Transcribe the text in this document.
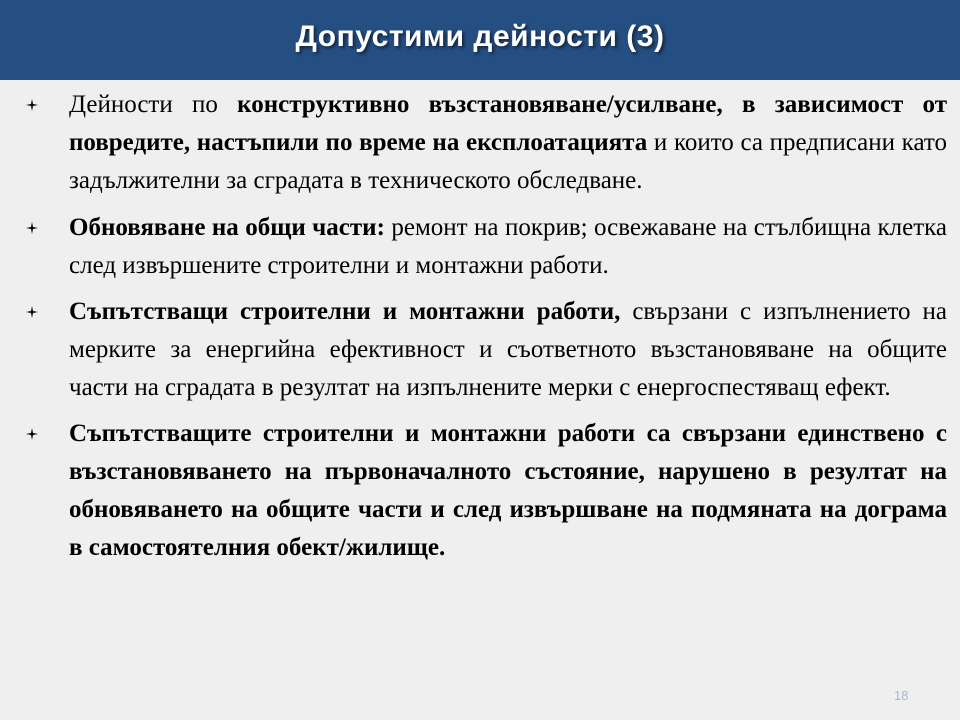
Допустими дейности (3)
Дейности по конструктивно възстановяване/усилване, в зависимост от повредите, настъпили по време на експлоатацията и които са предписани като задължителни за сградата в техническото обследване.
Обновяване на общи части: ремонт на покрив; освежаване на стълбищна клетка след извършените строителни и монтажни работи.
Съпътстващи строителни и монтажни работи, свързани с изпълнението на мерките за енергийна ефективност и съответното възстановяване на общите части на сградата в резултат на изпълнените мерки с енергоспестяващ ефект.
Съпътстващите строителни и монтажни работи са свързани единствено с възстановяването на първоначалното състояние, нарушено в резултат на обновяването на общите части и след извършване на подмяната на дограма в самостоятелния обект/жилище.
18
